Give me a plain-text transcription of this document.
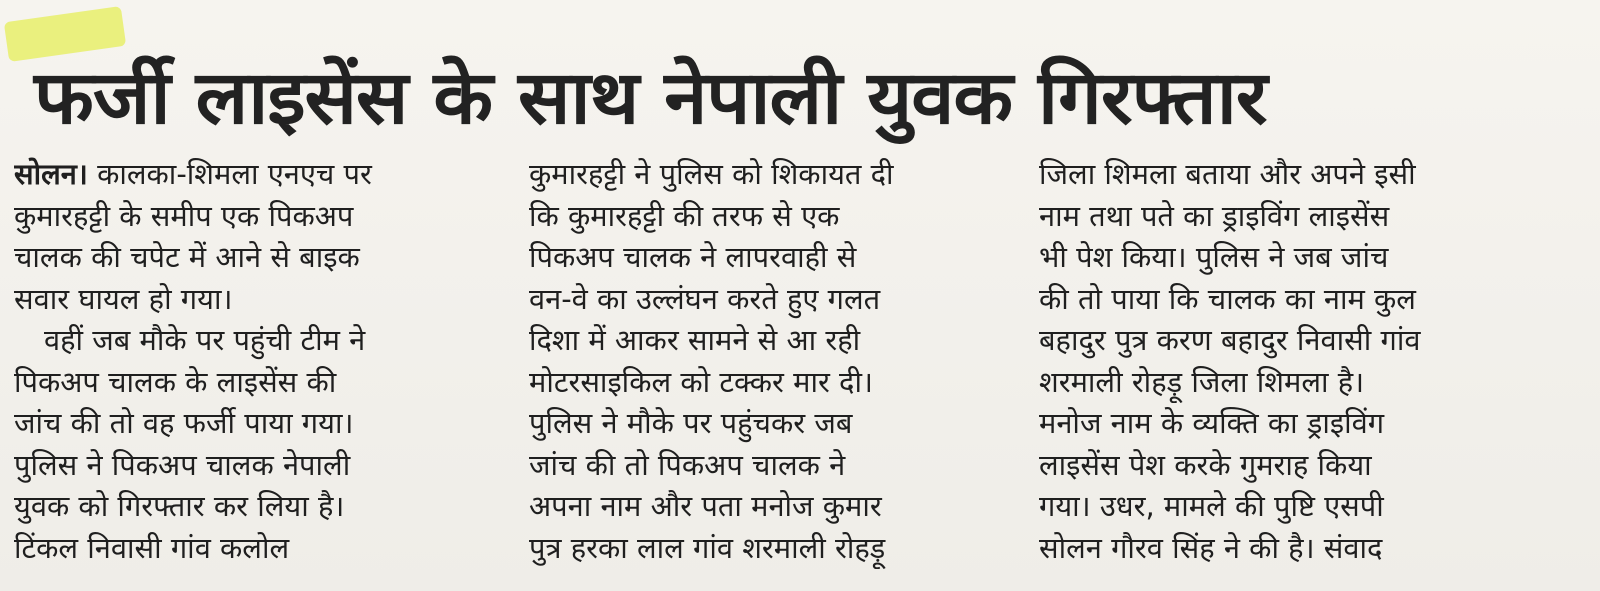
फर्जी लाइसेंस के साथ नेपाली युवक गिरफ्तार
सोलन। कालका-शिमला एनएच पर
कुमारहट्टी के समीप एक पिकअप
चालक की चपेट में आने से बाइक
सवार घायल हो गया।
वहीं जब मौके पर पहुंची टीम ने
पिकअप चालक के लाइसेंस की
जांच की तो वह फर्जी पाया गया।
पुलिस ने पिकअप चालक नेपाली
युवक को गिरफ्तार कर लिया है।
टिंकल निवासी गांव कलोल
कुमारहट्टी ने पुलिस को शिकायत दी
कि कुमारहट्टी की तरफ से एक
पिकअप चालक ने लापरवाही से
वन-वे का उल्लंघन करते हुए गलत
दिशा में आकर सामने से आ रही
मोटरसाइकिल को टक्कर मार दी।
पुलिस ने मौके पर पहुंचकर जब
जांच की तो पिकअप चालक ने
अपना नाम और पता मनोज कुमार
पुत्र हरका लाल गांव शरमाली रोहड़ू
जिला शिमला बताया और अपने इसी
नाम तथा पते का ड्राइविंग लाइसेंस
भी पेश किया। पुलिस ने जब जांच
की तो पाया कि चालक का नाम कुल
बहादुर पुत्र करण बहादुर निवासी गांव
शरमाली रोहड़ू जिला शिमला है।
मनोज नाम के व्यक्ति का ड्राइविंग
लाइसेंस पेश करके गुमराह किया
गया। उधर, मामले की पुष्टि एसपी
सोलन गौरव सिंह ने की है। संवाद
